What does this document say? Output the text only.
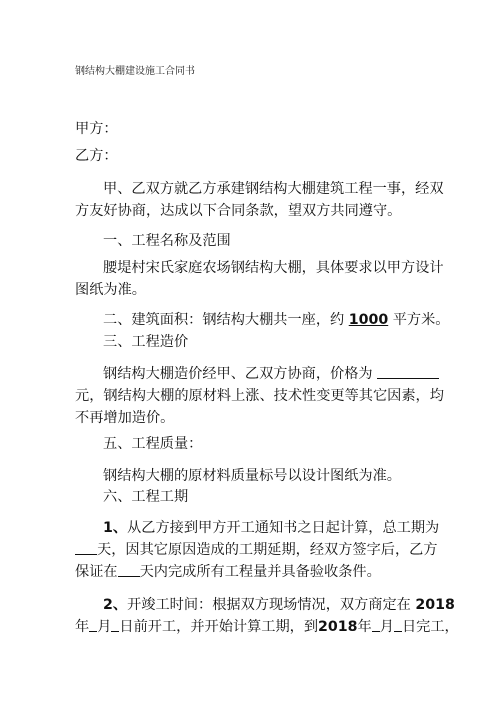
钢结构大棚建设施工合同书
甲方：
乙方：
甲、乙双方就乙方承建钢结构大棚建筑工程一事，经双
方友好协商，达成以下合同条款，望双方共同遵守。
一、工程名称及范围
腰堤村宋氏家庭农场钢结构大棚，具体要求以甲方设计
图纸为准。
二、建筑面积：钢结构大棚共一座，约 1000 平方米。
三、工程造价
钢结构大棚造价经甲、乙双方协商，价格为
元，钢结构大棚的原材料上涨、技术性变更等其它因素，均
不再增加造价。
五、工程质量：
钢结构大棚的原材料质量标号以设计图纸为准。
六、工程工期
1、从乙方接到甲方开工通知书之日起计算，总工期为
天，因其它原因造成的工期延期，经双方签字后，乙方
保证在 天内完成所有工程量并具备验收条件。
2、开竣工时间：根据双方现场情况，双方商定在 2018
年 月 日前开工，并开始计算工期，到2018年 月 日完工，
